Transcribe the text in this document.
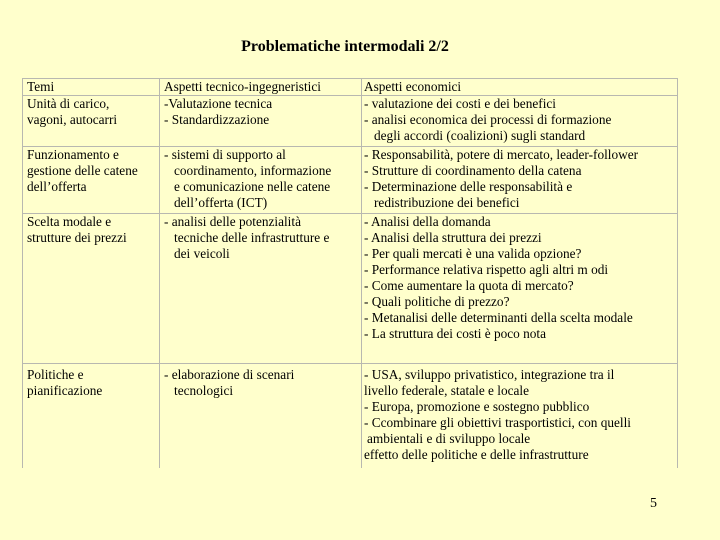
Problematiche intermodali 2/2
Temi	Aspetti tecnico-ingegneristici	Aspetti economici
Unità di carico,
vagoni, autocarri
-Valutazione tecnica
- Standardizzazione
- valutazione dei costi e dei benefici
- analisi economica dei processi di formazione
degli accordi (coalizioni) sugli standard
Funzionamento e
gestione delle catene
dell’offerta
- sistemi di supporto al
coordinamento, informazione
e comunicazione nelle catene
dell’offerta (ICT)
- Responsabilità, potere di mercato, leader-follower
- Strutture di coordinamento della catena
- Determinazione delle responsabilità e
redistribuzione dei benefici
Scelta modale e
strutture dei prezzi
- analisi delle potenzialità
tecniche delle infrastrutture e
dei veicoli
- Analisi della domanda
- Analisi della struttura dei prezzi
- Per quali mercati è una valida opzione?
- Performance relativa rispetto agli altri m odi
- Come aumentare la quota di mercato?
- Quali politiche di prezzo?
- Metanalisi delle determinanti della scelta modale
- La struttura dei costi è poco nota
Politiche e
pianificazione
- elaborazione di scenari
tecnologici
- USA, sviluppo privatistico, integrazione tra il
livello federale, statale e locale
- Europa, promozione e sostegno pubblico
- Ccombinare gli obiettivi trasportistici, con quelli
ambientali e di sviluppo locale
effetto delle politiche e delle infrastrutture
5
